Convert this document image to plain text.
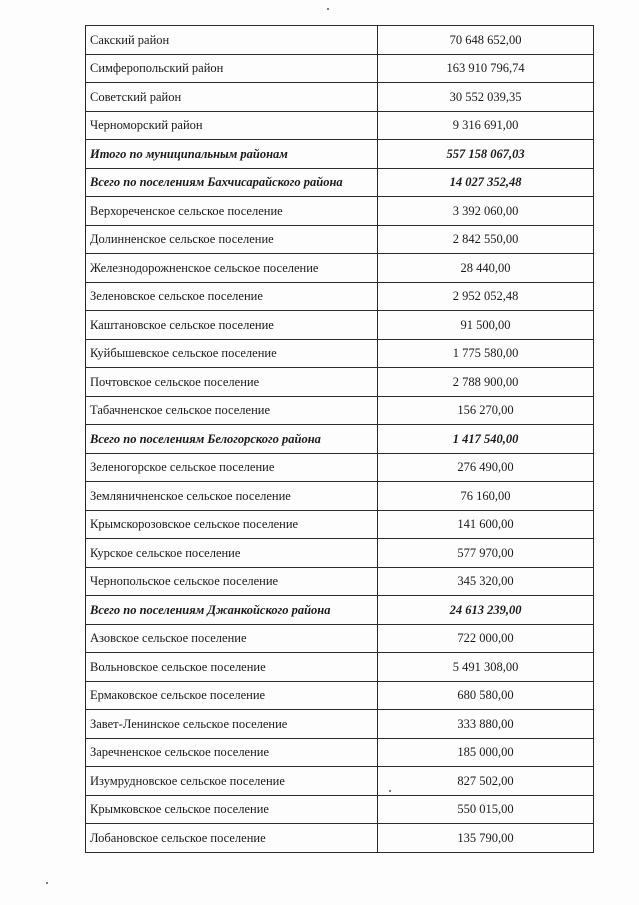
Сакский район	70 648 652,00
Симферопольский район	163 910 796,74
Советский район	30 552 039,35
Черноморский район	9 316 691,00
Итого по муниципальным районам	557 158 067,03
Всего по поселениям Бахчисарайского района	14 027 352,48
Верхореченское сельское поселение	3 392 060,00
Долинненское сельское поселение	2 842 550,00
Железнодорожненское сельское поселение	28 440,00
Зеленовское сельское поселение	2 952 052,48
Каштановское сельское поселение	91 500,00
Куйбышевское сельское поселение	1 775 580,00
Почтовское сельское поселение	2 788 900,00
Табачненское сельское поселение	156 270,00
Всего по поселениям Белогорского района	1 417 540,00
Зеленогорское сельское поселение	276 490,00
Земляничненское сельское поселение	76 160,00
Крымскорозовское сельское поселение	141 600,00
Курское сельское поселение	577 970,00
Чернопольское сельское поселение	345 320,00
Всего по поселениям Джанкойского района	24 613 239,00
Азовское сельское поселение	722 000,00
Вольновское сельское поселение	5 491 308,00
Ермаковское сельское поселение	680 580,00
Завет-Ленинское сельское поселение	333 880,00
Заречненское сельское поселение	185 000,00
Изумрудновское сельское поселение	827 502,00
Крымковское сельское поселение	550 015,00
Лобановское сельское поселение	135 790,00
